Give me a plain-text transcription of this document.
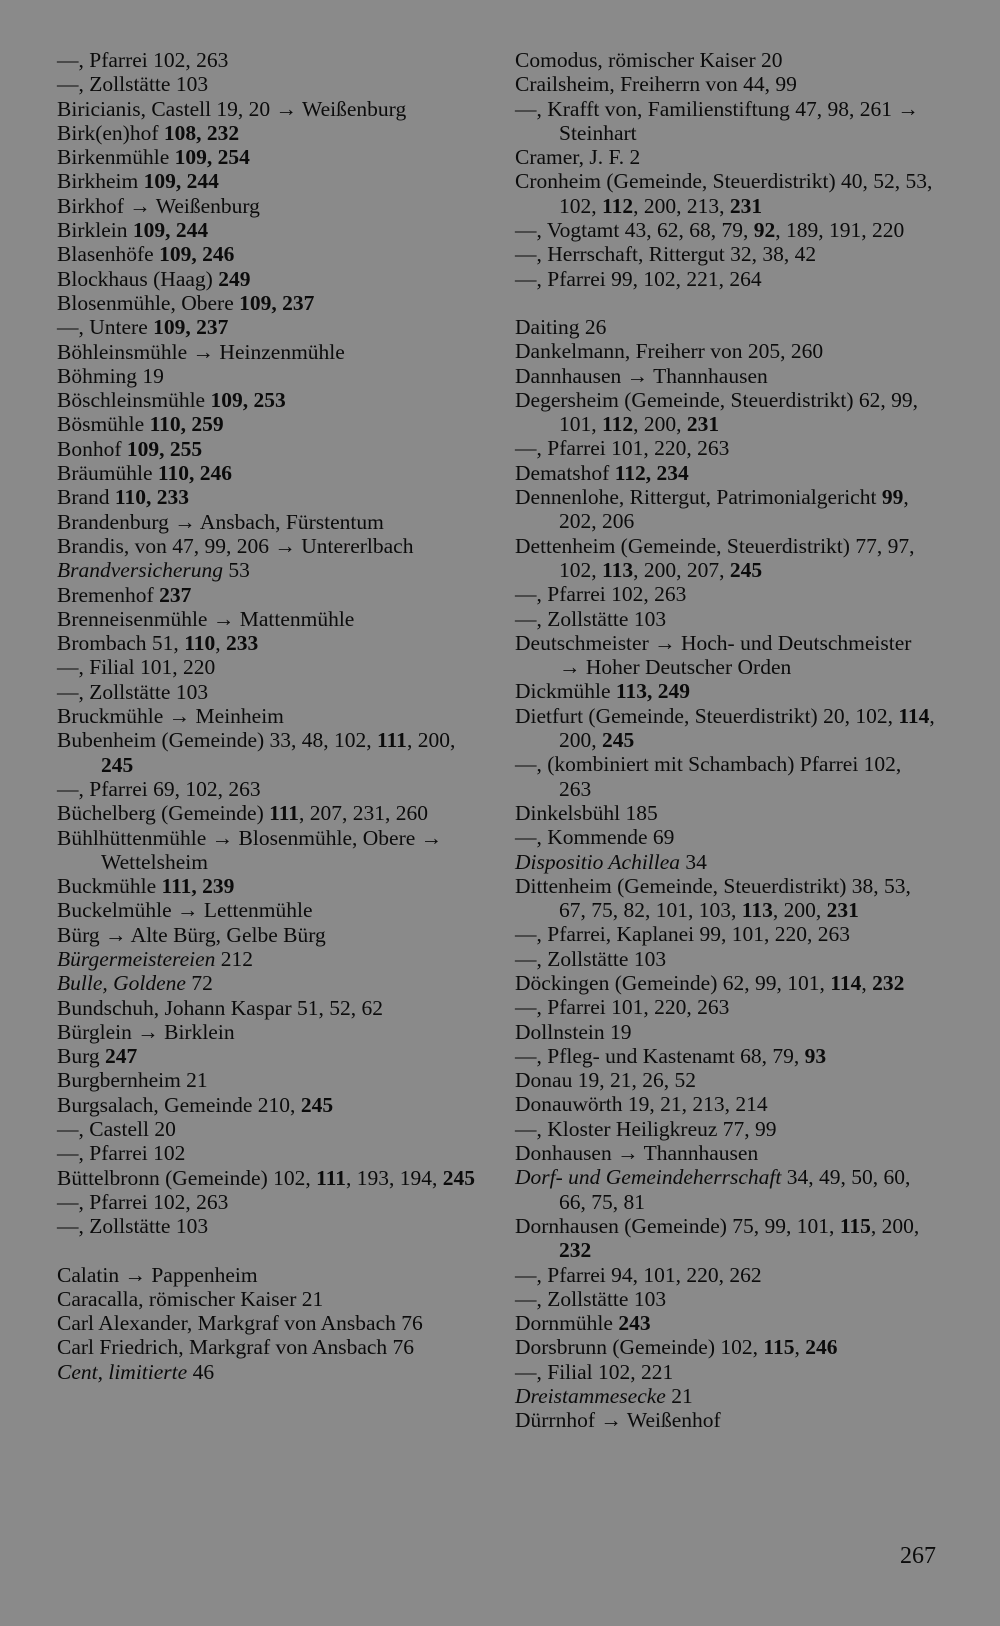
—, Pfarrei 102, 263
—, Zollstätte 103
Biricianis, Castell 19, 20 → Weißenburg
Birk(en)hof 108, 232
Birkenmühle 109, 254
Birkheim 109, 244
Birkhof → Weißenburg
Birklein 109, 244
Blasenhöfe 109, 246
Blockhaus (Haag) 249
Blosenmühle, Obere 109, 237
—, Untere 109, 237
Böhleinsmühle → Heinzenmühle
Böhming 19
Böschleinsmühle 109, 253
Bösmühle 110, 259
Bonhof 109, 255
Bräumühle 110, 246
Brand 110, 233
Brandenburg → Ansbach, Fürstentum
Brandis, von 47, 99, 206 → Untererlbach
Brandversicherung 53
Bremenhof 237
Brenneisenmühle → Mattenmühle
Brombach 51, 110, 233
—, Filial 101, 220
—, Zollstätte 103
Bruckmühle → Meinheim
Bubenheim (Gemeinde) 33, 48, 102, 111, 200, 245
—, Pfarrei 69, 102, 263
Büchelberg (Gemeinde) 111, 207, 231, 260
Bühlhüttenmühle → Blosenmühle, Obere → Wettelsheim
Buckmühle 111, 239
Buckelmühle → Lettenmühle
Bürg → Alte Bürg, Gelbe Bürg
Bürgermeistereien 212
Bulle, Goldene 72
Bundschuh, Johann Kaspar 51, 52, 62
Bürglein → Birklein
Burg 247
Burgbernheim 21
Burgsalach, Gemeinde 210, 245
—, Castell 20
—, Pfarrei 102
Büttelbronn (Gemeinde) 102, 111, 193, 194, 245
—, Pfarrei 102, 263
—, Zollstätte 103
Calatin → Pappenheim
Caracalla, römischer Kaiser 21
Carl Alexander, Markgraf von Ansbach 76
Carl Friedrich, Markgraf von Ansbach 76
Cent, limitierte 46
Comodus, römischer Kaiser 20
Crailsheim, Freiherrn von 44, 99
—, Krafft von, Familienstiftung 47, 98, 261 → Steinhart
Cramer, J. F. 2
Cronheim (Gemeinde, Steuerdistrikt) 40, 52, 53, 102, 112, 200, 213, 231
—, Vogtamt 43, 62, 68, 79, 92, 189, 191, 220
—, Herrschaft, Rittergut 32, 38, 42
—, Pfarrei 99, 102, 221, 264
Daiting 26
Dankelmann, Freiherr von 205, 260
Dannhausen → Thannhausen
Degersheim (Gemeinde, Steuerdistrikt) 62, 99, 101, 112, 200, 231
—, Pfarrei 101, 220, 263
Dematshof 112, 234
Dennenlohe, Rittergut, Patrimonialgericht 99, 202, 206
Dettenheim (Gemeinde, Steuerdistrikt) 77, 97, 102, 113, 200, 207, 245
—, Pfarrei 102, 263
—, Zollstätte 103
Deutschmeister → Hoch- und Deutschmeister → Hoher Deutscher Orden
Dickmühle 113, 249
Dietfurt (Gemeinde, Steuerdistrikt) 20, 102, 114, 200, 245
—, (kombiniert mit Schambach) Pfarrei 102, 263
Dinkelsbühl 185
—, Kommende 69
Dispositio Achillea 34
Dittenheim (Gemeinde, Steuerdistrikt) 38, 53, 67, 75, 82, 101, 103, 113, 200, 231
—, Pfarrei, Kaplanei 99, 101, 220, 263
—, Zollstätte 103
Döckingen (Gemeinde) 62, 99, 101, 114, 232
—, Pfarrei 101, 220, 263
Dollnstein 19
—, Pfleg- und Kastenamt 68, 79, 93
Donau 19, 21, 26, 52
Donauwörth 19, 21, 213, 214
—, Kloster Heiligkreuz 77, 99
Donhausen → Thannhausen
Dorf- und Gemeindeherrschaft 34, 49, 50, 60, 66, 75, 81
Dornhausen (Gemeinde) 75, 99, 101, 115, 200, 232
—, Pfarrei 94, 101, 220, 262
—, Zollstätte 103
Dornmühle 243
Dorsbrunn (Gemeinde) 102, 115, 246
—, Filial 102, 221
Dreistammesecke 21
Dürrnhof → Weißenhof
267
